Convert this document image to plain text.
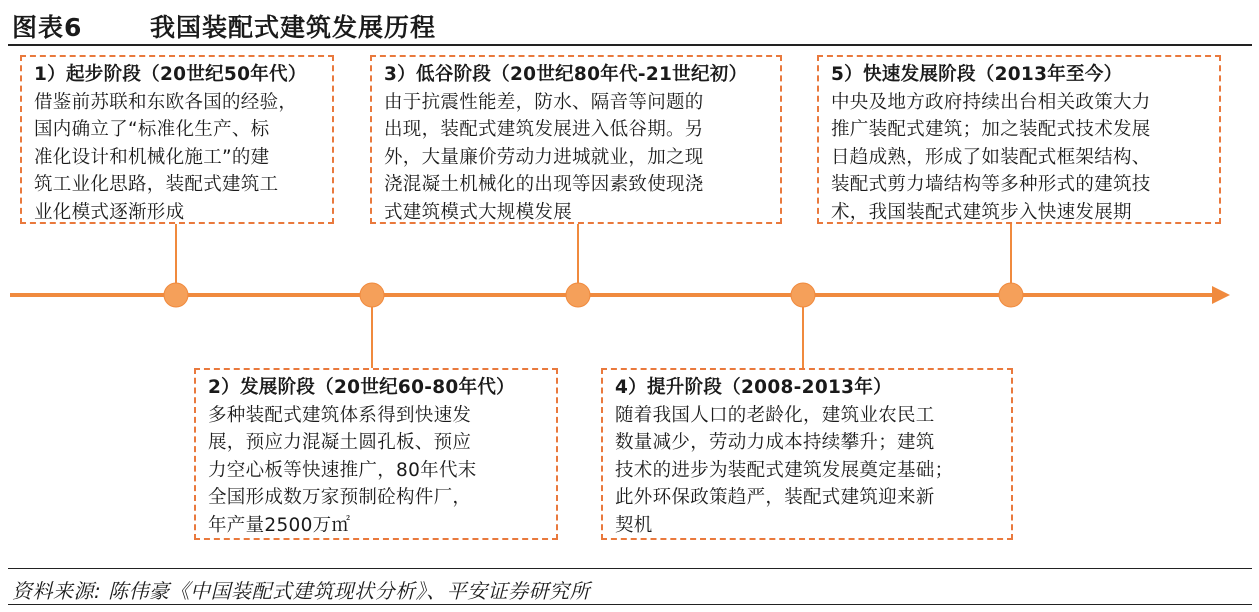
图表6	我国装配式建筑发展历程
1）起步阶段（20世纪50年代）
借鉴前苏联和东欧各国的经验，
国内确立了“标准化生产、标
准化设计和机械化施工”的建
筑工业化思路，装配式建筑工
业化模式逐渐形成
3）低谷阶段（20世纪80年代-21世纪初）
由于抗震性能差，防水、隔音等问题的
出现，装配式建筑发展进入低谷期。另
外，大量廉价劳动力进城就业，加之现
浇混凝土机械化的出现等因素致使现浇
式建筑模式大规模发展
5）快速发展阶段（2013年至今）
中央及地方政府持续出台相关政策大力
推广装配式建筑；加之装配式技术发展
日趋成熟，形成了如装配式框架结构、
装配式剪力墙结构等多种形式的建筑技
术，我国装配式建筑步入快速发展期
2）发展阶段（20世纪60-80年代）
多种装配式建筑体系得到快速发
展，预应力混凝土圆孔板、预应
力空心板等快速推广，80年代末
全国形成数万家预制砼构件厂，
年产量2500万㎡
4）提升阶段（2008-2013年）
随着我国人口的老龄化，建筑业农民工
数量减少，劳动力成本持续攀升；建筑
技术的进步为装配式建筑发展奠定基础；
此外环保政策趋严，装配式建筑迎来新
契机
资料来源: 陈伟豪《中国装配式建筑现状分析》、平安证券研究所
